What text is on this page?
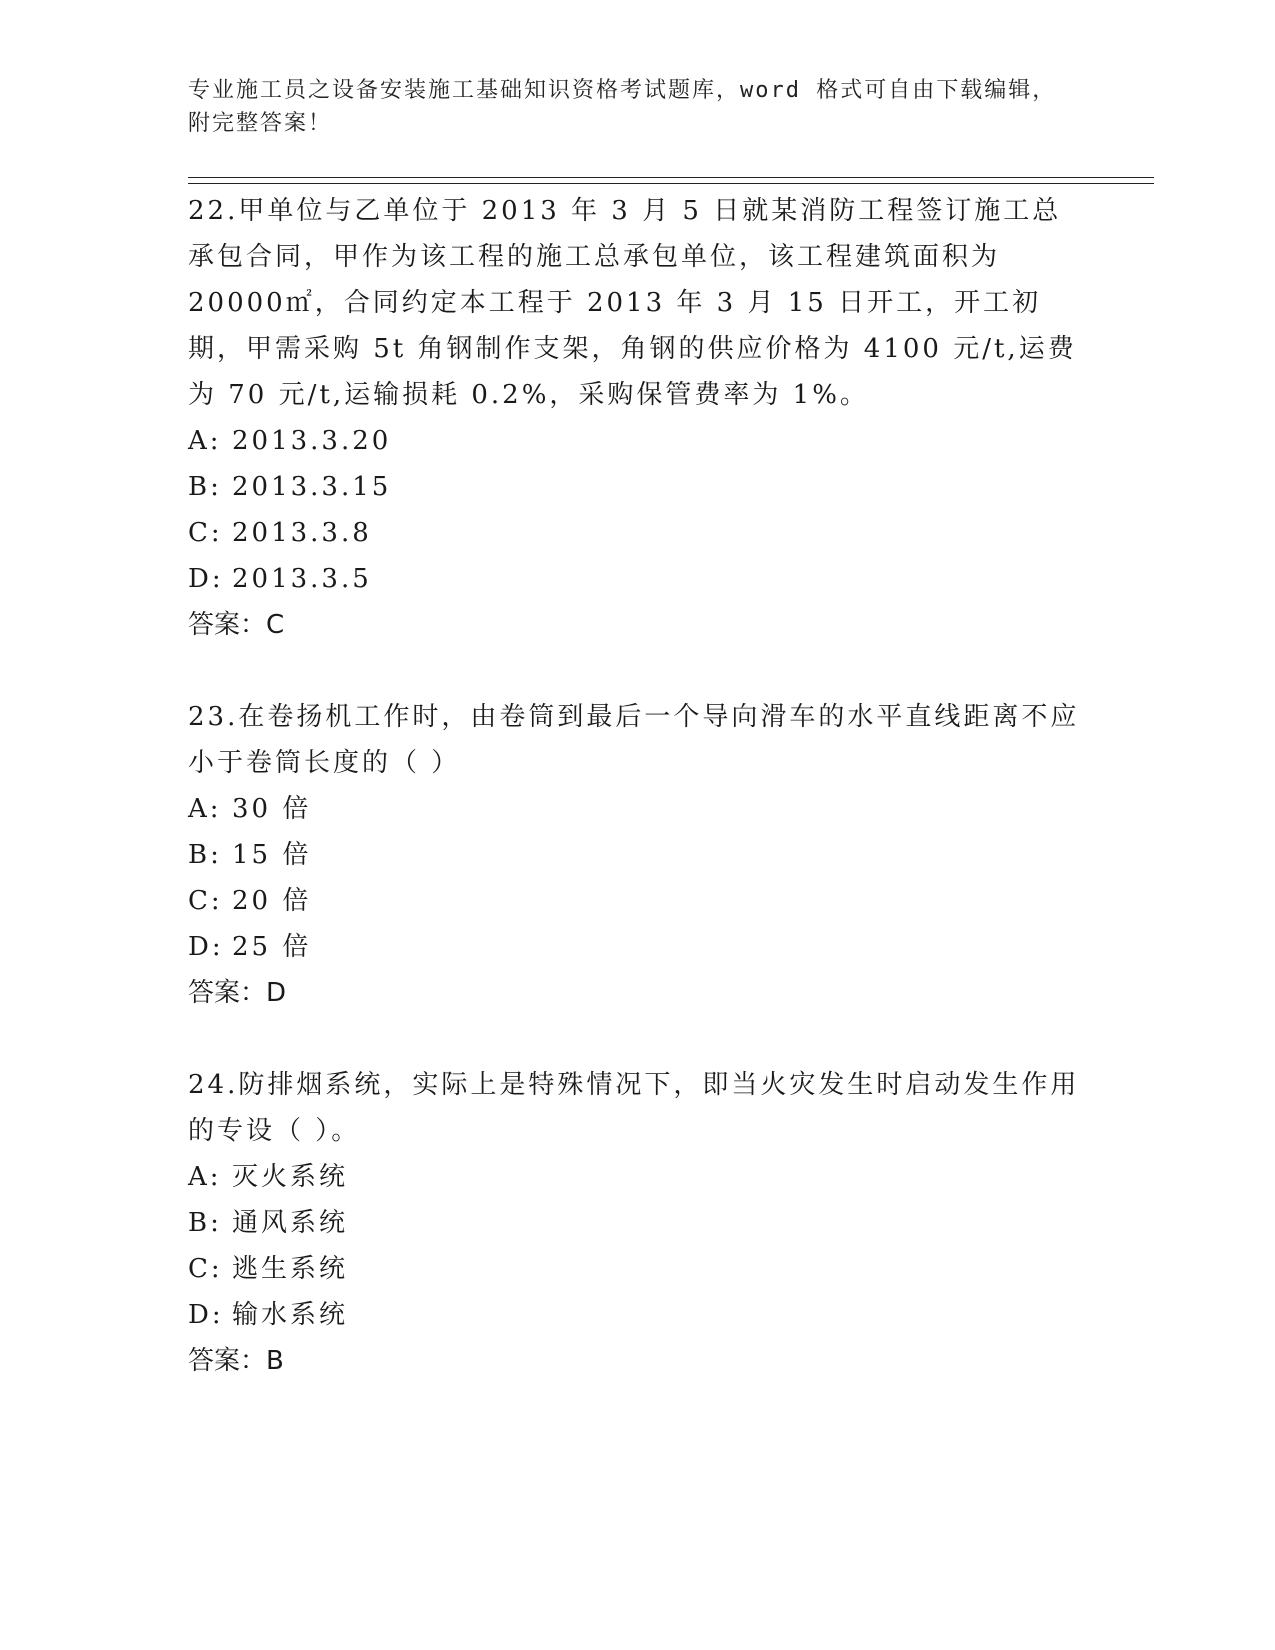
专业施工员之设备安装施工基础知识资格考试题库，word 格式可自由下载编辑，
附完整答案！

22.甲单位与乙单位于 2013 年 3 月 5 日就某消防工程签订施工总承包合同，甲作为该工程的施工总承包单位，该工程建筑面积为 20000㎡，合同约定本工程于 2013 年 3 月 15 日开工，开工初期，甲需采购 5t 角钢制作支架，角钢的供应价格为 4100 元/t,运费为 70 元/t,运输损耗 0.2%，采购保管费率为 1%。

A: 2013.3.20

B: 2013.3.15

C: 2013.3.8

D: 2013.3.5

答案：C

23.在卷扬机工作时，由卷筒到最后一个导向滑车的水平直线距离不应小于卷筒长度的（ ）

A: 30 倍

B: 15 倍

C: 20 倍

D: 25 倍

答案：D

24.防排烟系统，实际上是特殊情况下，即当火灾发生时启动发生作用的专设（ ）。

A: 灭火系统

B: 通风系统

C: 逃生系统

D: 输水系统

答案：B
